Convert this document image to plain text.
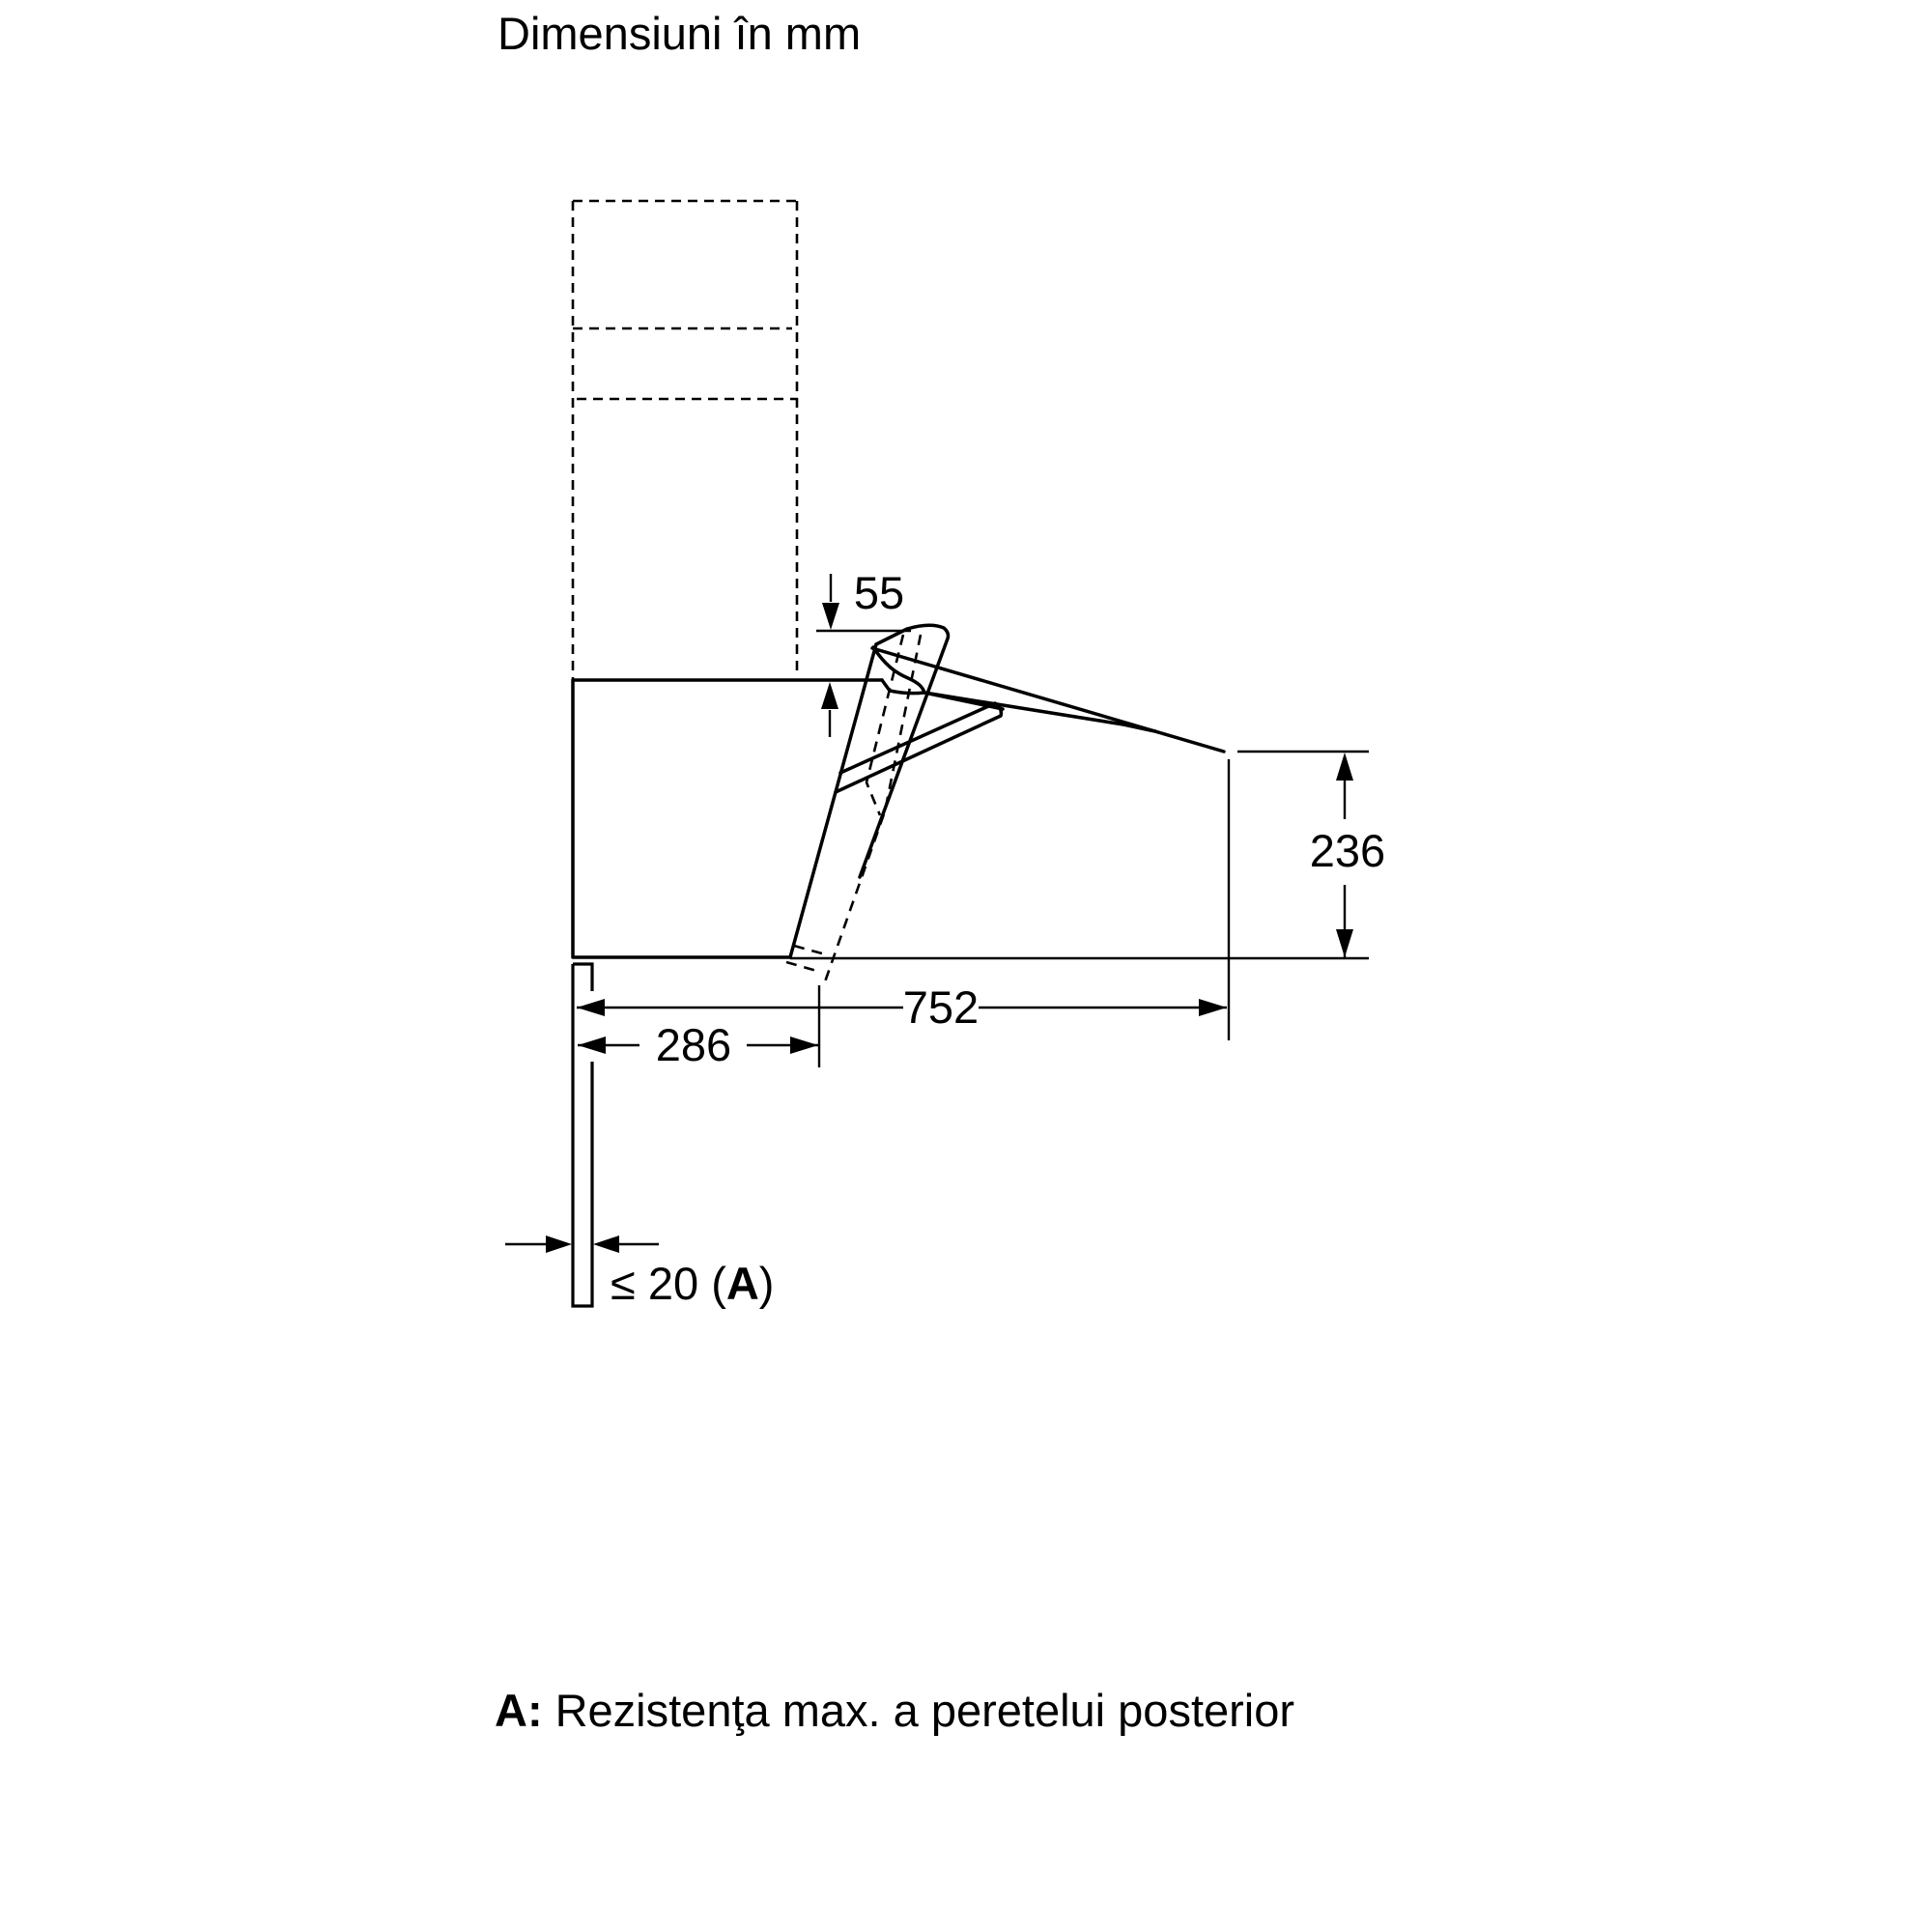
Dimensiuni în mm
55
236
752
286
≤ 20 (A)
A: Rezistenţa max. a peretelui posterior
